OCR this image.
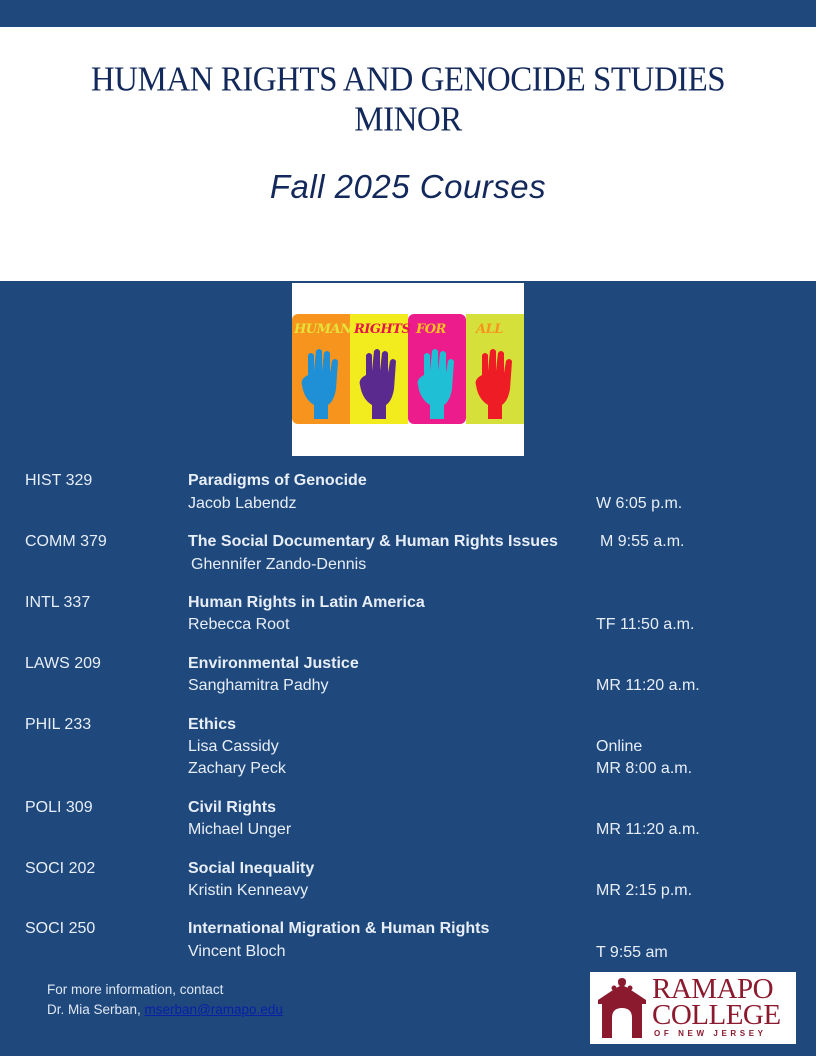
HUMAN RIGHTS AND GENOCIDE STUDIES
MINOR
Fall 2025 Courses
HUMAN RIGHTS FOR ALL
HIST 329	Paradigms of Genocide
Jacob Labendz	W 6:05 p.m.
COMM 379	The Social Documentary & Human Rights Issues	M 9:55 a.m.
Ghennifer Zando-Dennis
INTL 337	Human Rights in Latin America
Rebecca Root	TF 11:50 a.m.
LAWS 209	Environmental Justice
Sanghamitra Padhy	MR 11:20 a.m.
PHIL 233	Ethics
Lisa Cassidy	Online
Zachary Peck	MR 8:00 a.m.
POLI 309	Civil Rights
Michael Unger	MR 11:20 a.m.
SOCI 202	Social Inequality
Kristin Kenneavy	MR 2:15 p.m.
SOCI 250	International Migration & Human Rights
Vincent Bloch	T 9:55 am
For more information, contact
Dr. Mia Serban, mserban@ramapo.edu
RAMAPO
COLLEGE
OF NEW JERSEY
